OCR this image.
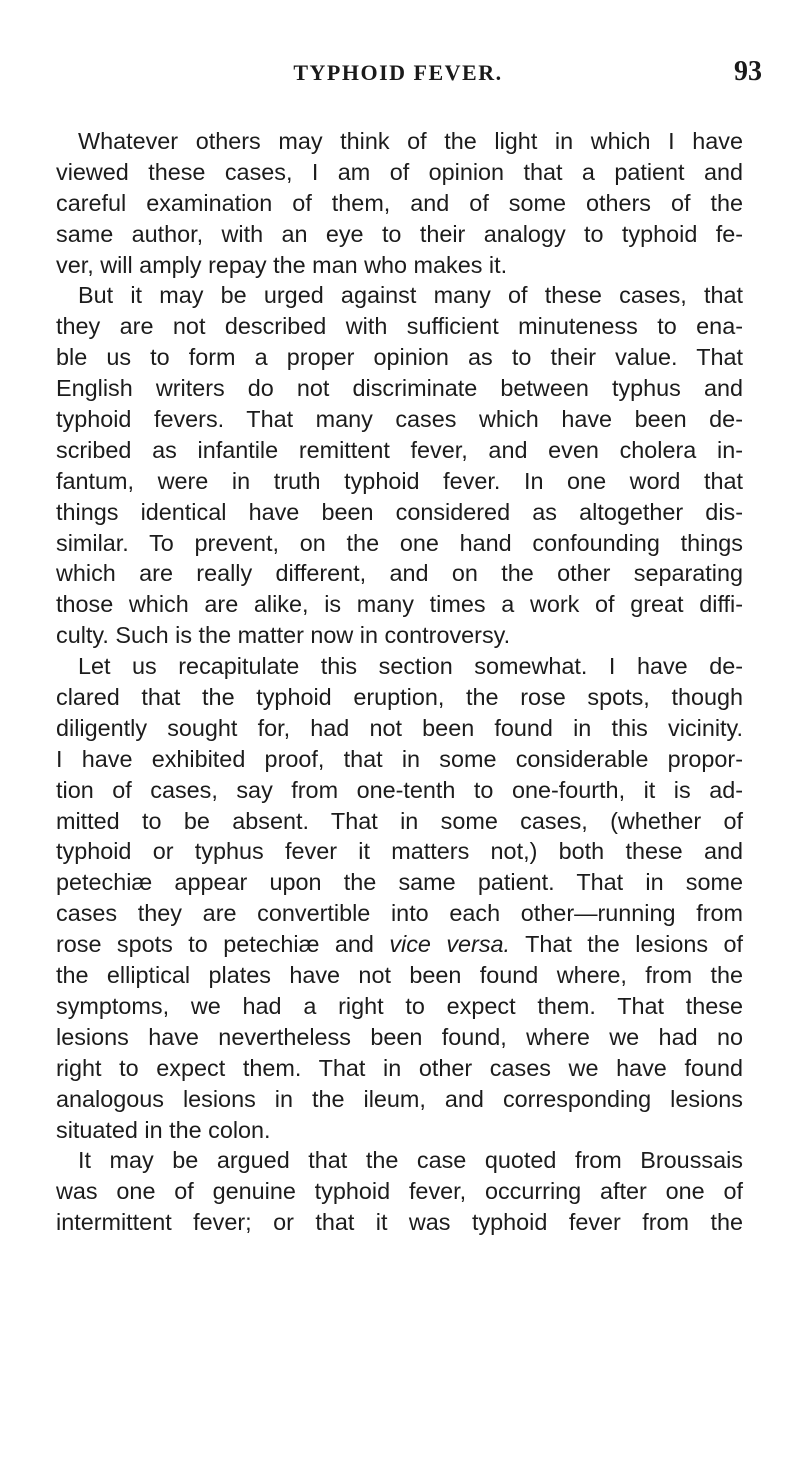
TYPHOID FEVER.	93
Whatever others may think of the light in which I have
viewed these cases, I am of opinion that a patient and
careful examination of them, and of some others of the
same author, with an eye to their analogy to typhoid fe-
ver, will amply repay the man who makes it.
But it may be urged against many of these cases, that
they are not described with sufficient minuteness to ena-
ble us to form a proper opinion as to their value. That
English writers do not discriminate between typhus and
typhoid fevers. That many cases which have been de-
scribed as infantile remittent fever, and even cholera in-
fantum, were in truth typhoid fever. In one word that
things identical have been considered as altogether dis-
similar. To prevent, on the one hand confounding things
which are really different, and on the other separating
those which are alike, is many times a work of great diffi-
culty. Such is the matter now in controversy.
Let us recapitulate this section somewhat. I have de-
clared that the typhoid eruption, the rose spots, though
diligently sought for, had not been found in this vicinity.
I have exhibited proof, that in some considerable propor-
tion of cases, say from one-tenth to one-fourth, it is ad-
mitted to be absent. That in some cases, (whether of
typhoid or typhus fever it matters not,) both these and
petechiæ appear upon the same patient. That in some
cases they are convertible into each other—running from
rose spots to petechiæ and vice versa. That the lesions of
the elliptical plates have not been found where, from the
symptoms, we had a right to expect them. That these
lesions have nevertheless been found, where we had no
right to expect them. That in other cases we have found
analogous lesions in the ileum, and corresponding lesions
situated in the colon.
It may be argued that the case quoted from Broussais
was one of genuine typhoid fever, occurring after one of
intermittent fever; or that it was typhoid fever from the
